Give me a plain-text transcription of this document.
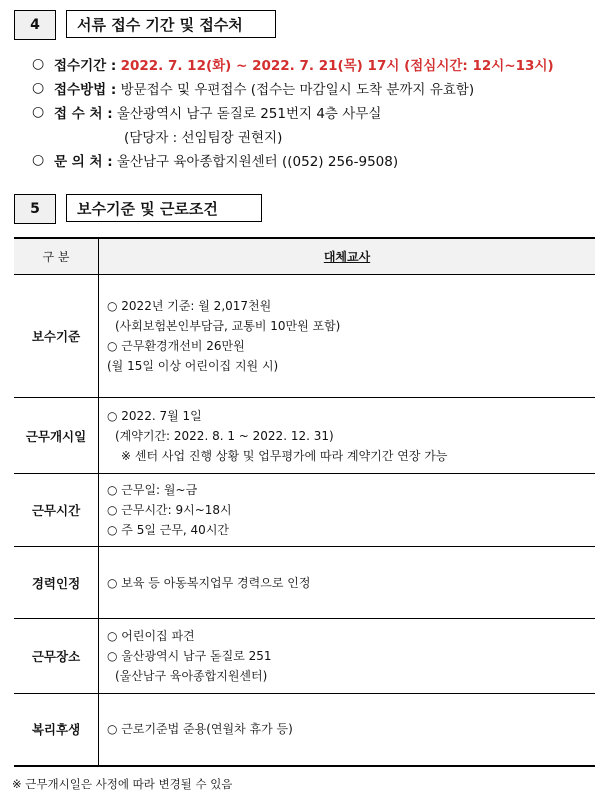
4	서류 접수 기간 및 접수처
○ 접수기간 :
2022. 7. 12(화) ~ 2022. 7. 21(목) 17시 (점심시간: 12시~13시)
○ 접수방법 :
방문접수 및 우편접수 (접수는 마감일시 도착 분까지 유효함)
○ 접 수 처 :
울산광역시 남구 돋질로 251번지 4층 사무실
(담당자 : 선임팀장 권현지)
○ 문 의 처 :
울산남구 육아종합지원센터 ((052) 256-9508)
5	보수기준 및 근로조건
구 분	대체교사
보수기준	○ 2022년 기준: 월 2,017천원
(사회보험본인부담금, 교통비 10만원 포함)
○ 근무환경개선비 26만원
(월 15일 이상 어린이집 지원 시)

근무개시일	○ 2022. 7월 1일
(계약기간: 2022. 8. 1 ~ 2022. 12. 31)
※ 센터 사업 진행 상황 및 업무평가에 따라 계약기간 연장 가능

근무시간	○ 근무일: 월~금
○ 근무시간: 9시~18시
○ 주 5일 근무, 40시간

경력인정	○ 보육 등 아동복지업무 경력으로 인정

근무장소	○ 어린이집 파견
○ 울산광역시 남구 돋질로 251
(울산남구 육아종합지원센터)

복리후생	○ 근로기준법 준용(연월차 휴가 등)
※ 근무개시일은 사정에 따라 변경될 수 있음
